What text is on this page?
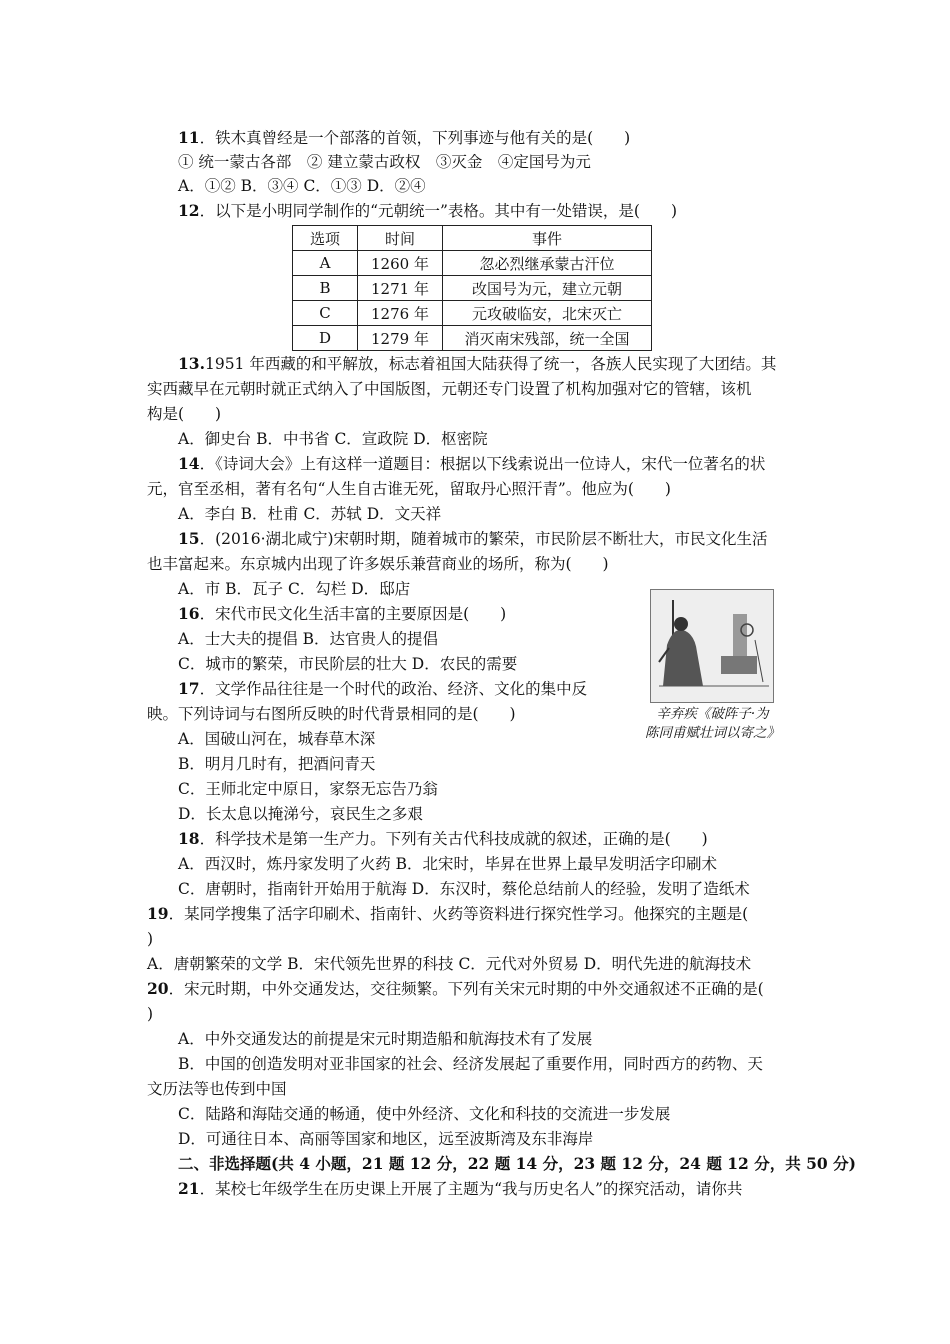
11．铁木真曾经是一个部落的首领，下列事迹与他有关的是(　　)
① 统一蒙古各部　② 建立蒙古政权　③灭金　④定国号为元
A．①② B．③④ C．①③ D．②④
12．以下是小明同学制作的“元朝统一”表格。其中有一处错误，是(　　)
选项	时间	事件
A	1260 年	忽必烈继承蒙古汗位
B	1271 年	改国号为元，建立元朝
C	1276 年	元攻破临安，北宋灭亡
D	1279 年	消灭南宋残部，统一全国
13.1951 年西藏的和平解放，标志着祖国大陆获得了统一，各族人民实现了大团结。其
实西藏早在元朝时就正式纳入了中国版图，元朝还专门设置了机构加强对它的管辖，该机
构是(　　)
A．御史台 B．中书省 C．宣政院 D．枢密院
14．《诗词大会》上有这样一道题目：根据以下线索说出一位诗人，宋代一位著名的状
元，官至丞相，著有名句“人生自古谁无死，留取丹心照汗青”。他应为(　　)
A．李白 B．杜甫 C．苏轼 D．文天祥
15．(2016·湖北咸宁)宋朝时期，随着城市的繁荣，市民阶层不断壮大，市民文化生活
也丰富起来。东京城内出现了许多娱乐兼营商业的场所，称为(　　)
A．市 B．瓦子 C．勾栏 D．邸店
16．宋代市民文化生活丰富的主要原因是(　　)
A．士大夫的提倡 B．达官贵人的提倡
C．城市的繁荣，市民阶层的壮大 D．农民的需要
辛弃疾《破阵子·为
陈同甫赋壮词以寄之》
17．文学作品往往是一个时代的政治、经济、文化的集中反
映。下列诗词与右图所反映的时代背景相同的是(　　)
A．国破山河在，城春草木深
B．明月几时有，把酒问青天
C．王师北定中原日，家祭无忘告乃翁
D．长太息以掩涕兮，哀民生之多艰
18．科学技术是第一生产力。下列有关古代科技成就的叙述，正确的是(　　)
A．西汉时，炼丹家发明了火药 B．北宋时，毕昇在世界上最早发明活字印刷术
C．唐朝时，指南针开始用于航海 D．东汉时，蔡伦总结前人的经验，发明了造纸术
19．某同学搜集了活字印刷术、指南针、火药等资料进行探究性学习。他探究的主题是(
)
A．唐朝繁荣的文学 B．宋代领先世界的科技 C．元代对外贸易 D．明代先进的航海技术
20．宋元时期，中外交通发达，交往频繁。下列有关宋元时期的中外交通叙述不正确的是(
)
A．中外交通发达的前提是宋元时期造船和航海技术有了发展
B．中国的创造发明对亚非国家的社会、经济发展起了重要作用，同时西方的药物、天
文历法等也传到中国
C．陆路和海陆交通的畅通，使中外经济、文化和科技的交流进一步发展
D．可通往日本、高丽等国家和地区，远至波斯湾及东非海岸
二、非选择题(共 4 小题，21 题 12 分，22 题 14 分，23 题 12 分，24 题 12 分，共 50 分)
21．某校七年级学生在历史课上开展了主题为“我与历史名人”的探究活动，请你共
